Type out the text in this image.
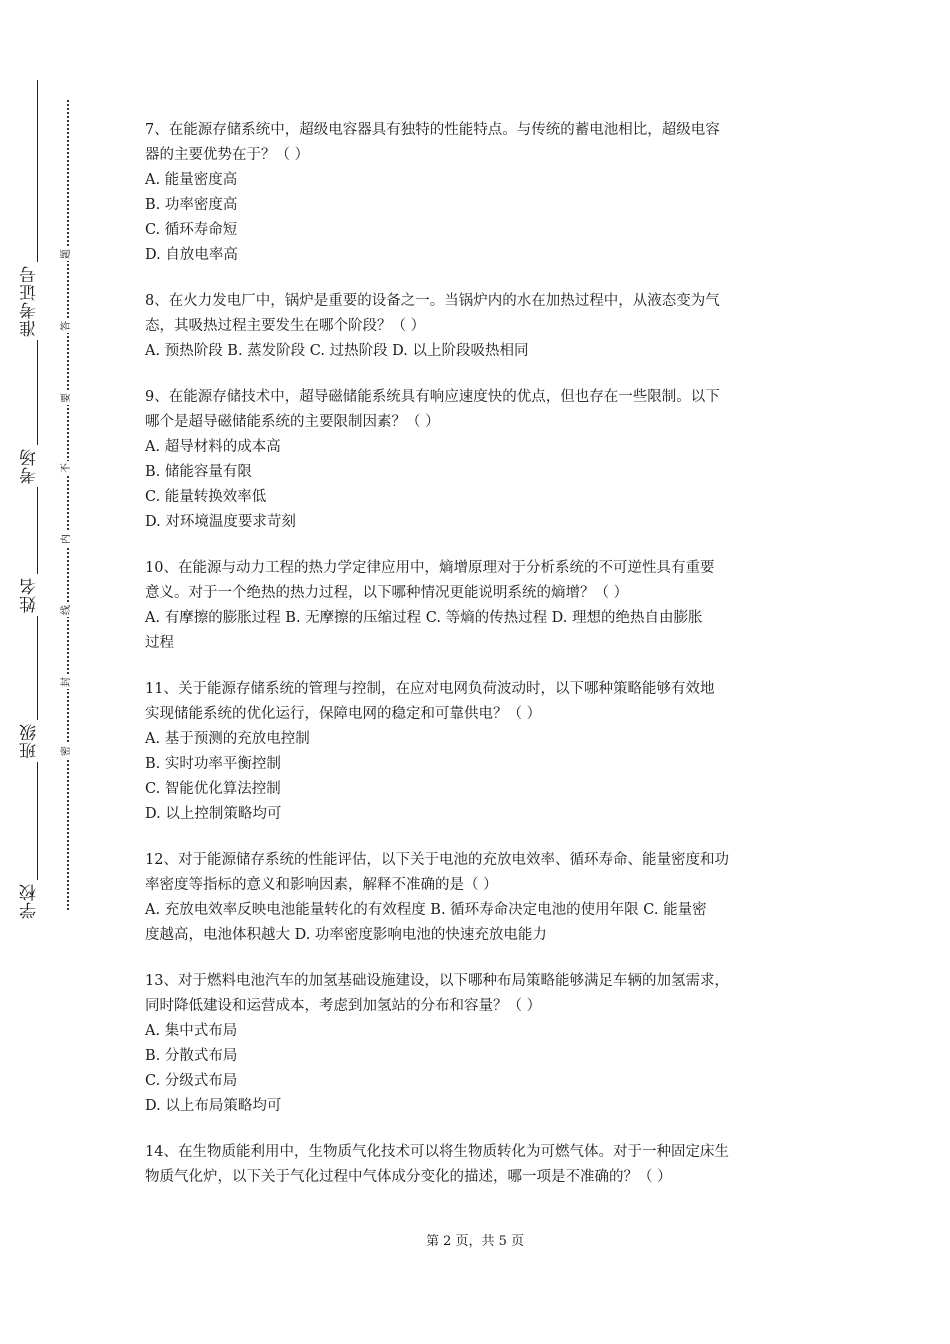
学校
班级
姓名
考场
准考证号
密
封
线
内
不
要
答
题
7、在能源存储系统中，超级电容器具有独特的性能特点。与传统的蓄电池相比，超级电容
器的主要优势在于？（ ）
A. 能量密度高
B. 功率密度高
C. 循环寿命短
D. 自放电率高
8、在火力发电厂中，锅炉是重要的设备之一。当锅炉内的水在加热过程中，从液态变为气
态，其吸热过程主要发生在哪个阶段？（ ）
A. 预热阶段 B. 蒸发阶段 C. 过热阶段 D. 以上阶段吸热相同
9、在能源存储技术中，超导磁储能系统具有响应速度快的优点，但也存在一些限制。以下
哪个是超导磁储能系统的主要限制因素？（ ）
A. 超导材料的成本高
B. 储能容量有限
C. 能量转换效率低
D. 对环境温度要求苛刻
10、在能源与动力工程的热力学定律应用中，熵增原理对于分析系统的不可逆性具有重要
意义。对于一个绝热的热力过程，以下哪种情况更能说明系统的熵增？（ ）
A. 有摩擦的膨胀过程 B. 无摩擦的压缩过程 C. 等熵的传热过程 D. 理想的绝热自由膨胀
过程
11、关于能源存储系统的管理与控制，在应对电网负荷波动时，以下哪种策略能够有效地
实现储能系统的优化运行，保障电网的稳定和可靠供电？（ ）
A. 基于预测的充放电控制
B. 实时功率平衡控制
C. 智能优化算法控制
D. 以上控制策略均可
12、对于能源储存系统的性能评估，以下关于电池的充放电效率、循环寿命、能量密度和功
率密度等指标的意义和影响因素，解释不准确的是（ ）
A. 充放电效率反映电池能量转化的有效程度 B. 循环寿命决定电池的使用年限 C. 能量密
度越高，电池体积越大 D. 功率密度影响电池的快速充放电能力
13、对于燃料电池汽车的加氢基础设施建设，以下哪种布局策略能够满足车辆的加氢需求，
同时降低建设和运营成本，考虑到加氢站的分布和容量？（ ）
A. 集中式布局
B. 分散式布局
C. 分级式布局
D. 以上布局策略均可
14、在生物质能利用中，生物质气化技术可以将生物质转化为可燃气体。对于一种固定床生
物质气化炉，以下关于气化过程中气体成分变化的描述，哪一项是不准确的？（ ）
第 2 页，共 5 页
